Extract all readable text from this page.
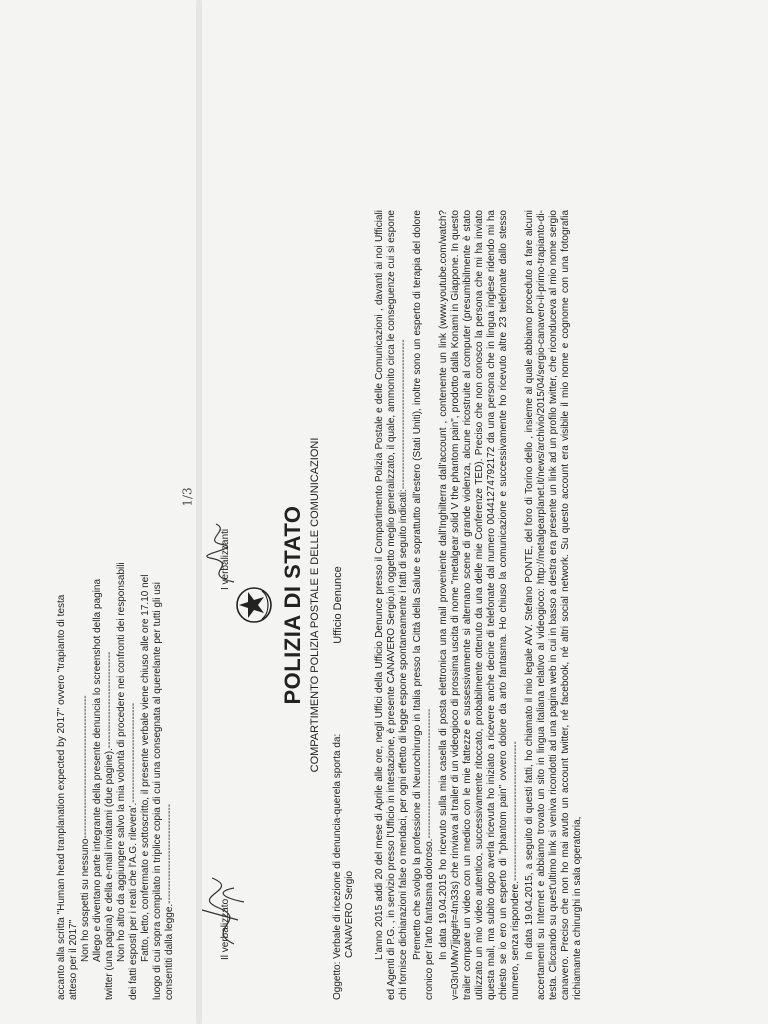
accanto alla scritta "Human head tranplanation expected by 2017" ovvero "trapianto di testa atteso per il 2017" Non ho sospetti su nessuno------------------------------------------- Allego e diventano parte integrante della presente denuncia lo screenshot della pagina twitter (una pagina) e della e-mail inviatami (due pagine).----------------------------- Non ho altro da aggiungere salvo la mia volontà di procedere nei confronti dei responsabili dei fatti esposti per i reati che l'A.G. rilevera'.------------------------------ Fatto, letto, confermato e sottoscritto, il presente verbale viene chiuso alle ore 17.10 nel luogo di cui sopra compilato in triplice copia di cui una consegnata al querelante per tutti gli usi consentiti dalla legge.------------------------------	Il verbalizzato
I verbalizzanti POLIZIA DI STATO COMPARTIMENTO POLIZIA POSTALE E DELLE COMUNICAZIONI Ufficio Denunce
Oggetto: Verbale di ricezione di denuncia-querela sporta da: CANAVERO Sergio L'anno 2015 addi 20 del mese di Aprile alle ore, negli Uffici della Ufficio Denunce presso il Compartimento Polizia Postale e delle Comunicazioni , davanti ai noi Ufficiali ed Agenti di P.G. , in servizio presso l'Ufficio in intestazione, è presente CANAVERO Sergio,in oggetto meglio generalizzato, il quale, ammonito circa le conseguenze cui si espone chi fornisce dichiarazioni false o mendaci, per ogni effetto di legge espone spontaneamente i fatti di seguito indicati:--------------------------------------------- Premetto che svolgo la professione di Neurochirurgo in Italia presso la Città della Salute e soprattutto all'estero (Stati Uniti), inoltre sono un esperto di terapia del dolore cronico per l'arto fantasma doloroso.--------------------------------------- In data 19.04.2015 ho ricevuto sulla mia casella di posta elettronica una mail proveniente dall'Inghilterra dall'account , contenente un link (www.youtube.com/watch?v=03nUMw7jjqg#t=4m33s) che rinviava al trailer di un videogioco di prossima uscita di nome "metalgear solid V the phantom pain", prodotto dalla Konami in Giappone. In questo trailer compare un video con un medico con le mie fattezze e sussessivamente si alternano scene di grande violenza, alcune ricostruite al computer (presumibilmente è stato utilizzato un mio video autentico, successivamente ritoccato, probabilmente ottenuto da una delle mie Conferenze TED). Preciso che non conosco la persona che mi ha inviato questa mail, ma subito dopo averla ricevuta ho iniziato a ricevere anche decine di telefonate dal numero 00441274792172 da una persona che in lingua inglese ridendo mi ha chiesto se io ero un esperto di "phantom pain" ovvero dolore da arto fantasma. Ho chiuso la comunicazione e successivamente ho ricevuto altre 23 telefonate dallo stesso numero, senza rispondere.------------------------------------------ In data 19.04.2015, a seguito di questi fatti, ho chiamato il mio legale AVV. Stefano PONTE, del foro di Torino dello , insieme al quale abbiamo proceduto a fare alcuni accertamenti su Internet e abbiamo trovato un sito in lingua italiana relativo al videogioco: http://metalgearplanet.it/news/archivio/2015/04/sergio-canavero-il-primo-trapianto-di-testa. Cliccando su quest'ultimo link si veniva ricondotti ad una pagina web in cui in basso a destra era presente un link ad un profilo twitter, che riconduceva al mio nome sergio canavero. Preciso che non ho mai avuto un account twitter, né facebook, né altri social network. Su questo account era visibile il mio nome e cognome con una fotografia richiamante a chirurghi in sala operatoria,

1/3
